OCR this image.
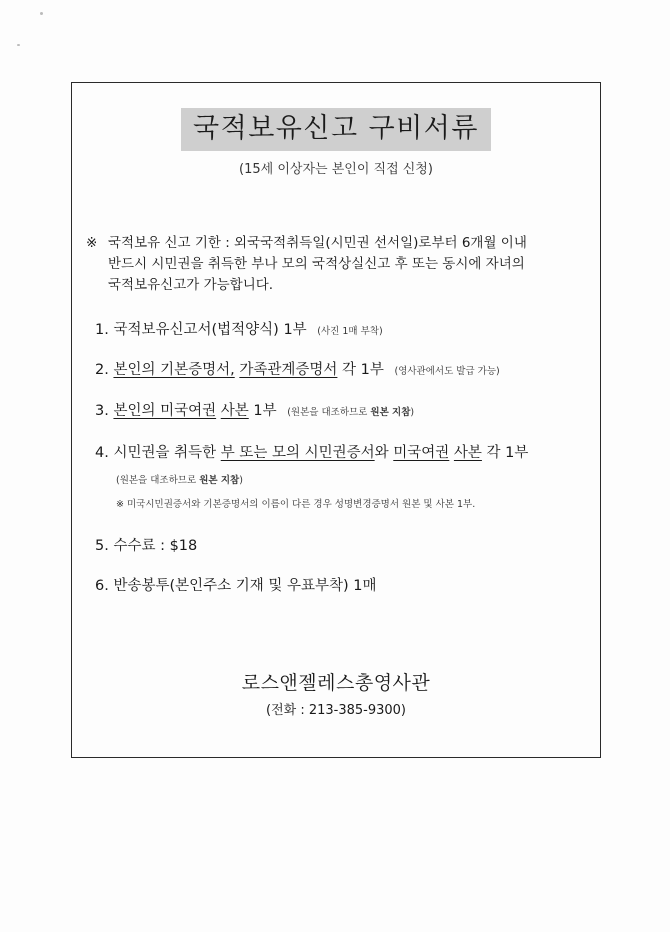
국적보유신고 구비서류
(15세 이상자는 본인이 직접 신청)
※ 국적보유 신고 기한 : 외국국적취득일(시민권 선서일)로부터 6개월 이내
반드시 시민권을 취득한 부나 모의 국적상실신고 후 또는 동시에 자녀의
국적보유신고가 가능합니다.
1. 국적보유신고서(법적양식) 1부 (사진 1매 부착)
2. 본인의 기본증명서, 가족관계증명서 각 1부 (영사관에서도 발급 가능)
3. 본인의 미국여권 사본 1부 (원본을 대조하므로 원본 지참)
4. 시민권을 취득한 부 또는 모의 시민권증서와 미국여권 사본 각 1부
(원본을 대조하므로 원본 지참)
※ 미국시민권증서와 기본증명서의 이름이 다른 경우 성명변경증명서 원본 및 사본 1부.
5. 수수료 : $18
6. 반송봉투(본인주소 기재 및 우표부착) 1매
로스앤젤레스총영사관
(전화 : 213-385-9300)
